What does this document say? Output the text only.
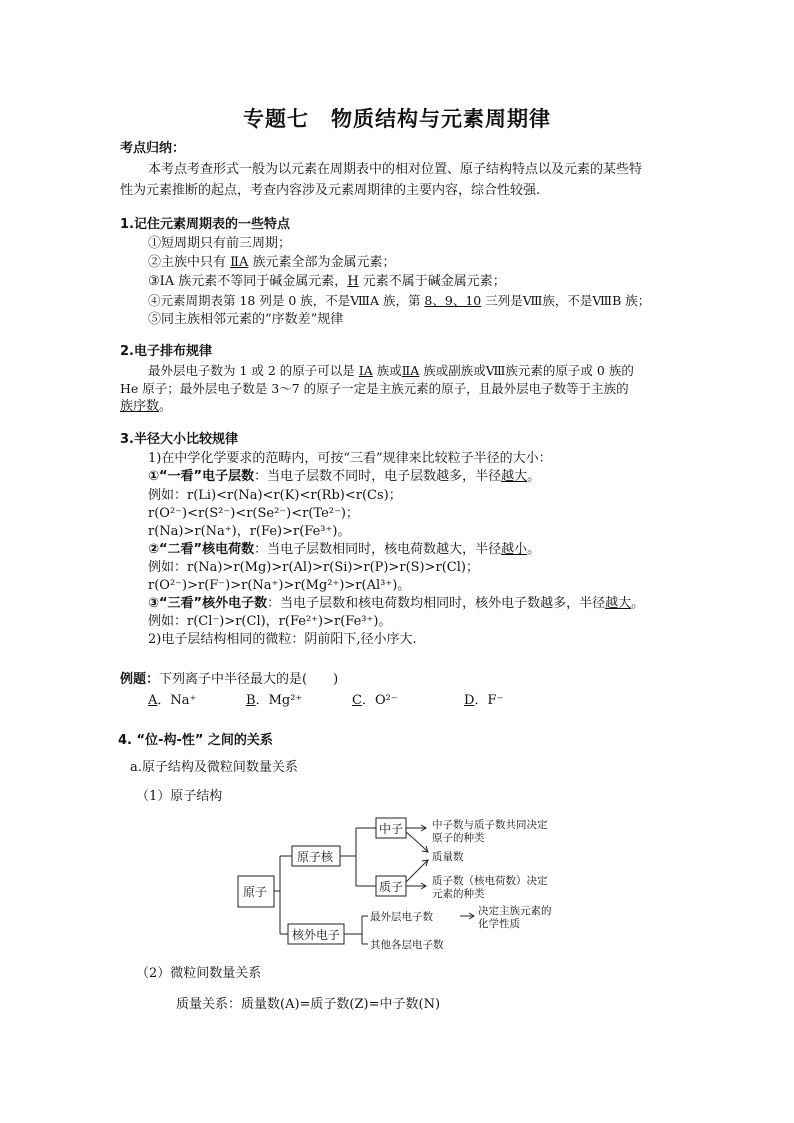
专题七　物质结构与元素周期律
考点归纳：
本考点考查形式一般为以元素在周期表中的相对位置、原子结构特点以及元素的某些特
性为元素推断的起点，考查内容涉及元素周期律的主要内容，综合性较强.
1.记住元素周期表的一些特点
①短周期只有前三周期；
②主族中只有 ⅡA 族元素全部为金属元素；
③ⅠA 族元素不等同于碱金属元素，H 元素不属于碱金属元素；
④元素周期表第 18 列是 0 族，不是ⅧA 族，第 8、9、10 三列是Ⅷ族，不是ⅧB 族；
⑤同主族相邻元素的“序数差”规律
2.电子排布规律
最外层电子数为 1 或 2 的原子可以是 ⅠA 族或ⅡA 族或副族或Ⅷ族元素的原子或 0 族的
He 原子；最外层电子数是 3～7 的原子一定是主族元素的原子，且最外层电子数等于主族的
族序数。
3.半径大小比较规律
1)在中学化学要求的范畴内，可按“三看”规律来比较粒子半径的大小：
①“一看”电子层数：当电子层数不同时，电子层数越多，半径越大。
例如：r(Li)<r(Na)<r(K)<r(Rb)<r(Cs)；
r(O²⁻)<r(S²⁻)<r(Se²⁻)<r(Te²⁻)；
r(Na)>r(Na⁺)，r(Fe)>r(Fe³⁺)。
②“二看”核电荷数：当电子层数相同时，核电荷数越大，半径越小。
例如：r(Na)>r(Mg)>r(Al)>r(Si)>r(P)>r(S)>r(Cl)；
r(O²⁻)>r(F⁻)>r(Na⁺)>r(Mg²⁺)>r(Al³⁺)。
③“三看”核外电子数：当电子层数和核电荷数均相同时，核外电子数越多，半径越大。
例如：r(Cl⁻)>r(Cl)，r(Fe²⁺)>r(Fe³⁺)。
2)电子层结构相同的微粒：阴前阳下,径小序大.
例题：下列离子中半径最大的是(　　)
A．Na⁺	B．Mg²⁺	C．O²⁻	D．F⁻
4. “位-构-性” 之间的关系
a.原子结构及微粒间数量关系
（1）原子结构
原子
原子核
核外电子
中子
质子
中子数与质子数共同决定
原子的种类
质量数
质子数（核电荷数）决定
元素的种类
最外层电子数	决定主族元素的
化学性质
其他各层电子数
（2）微粒间数量关系
质量关系：质量数(A)=质子数(Z)=中子数(N)
